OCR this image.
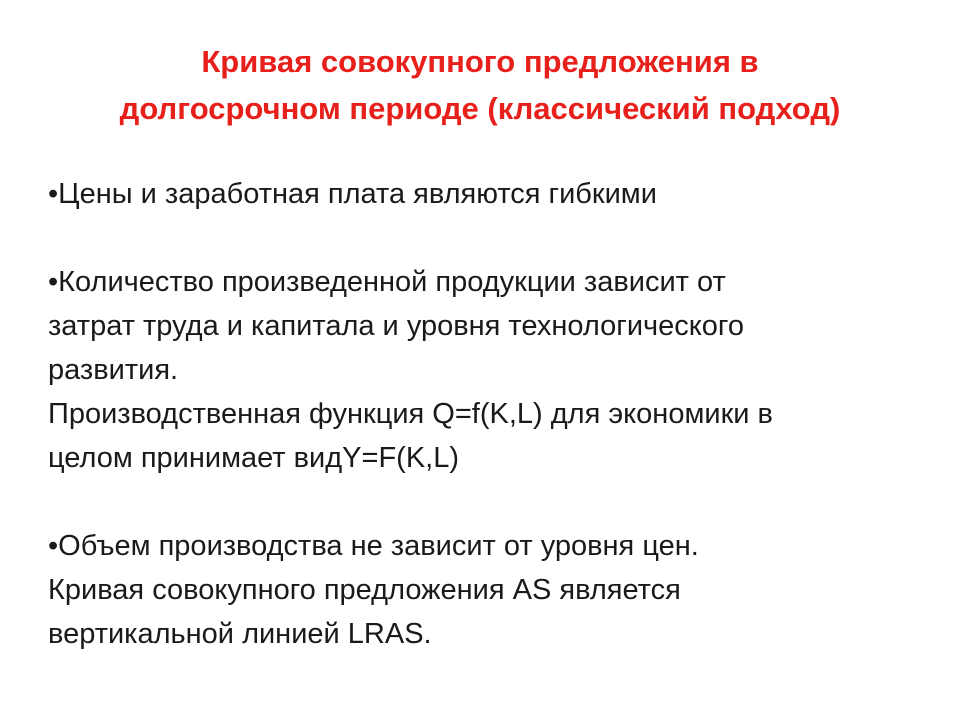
Кривая совокупного предложения в
долгосрочном периоде (классический подход)

•Цены и заработная плата являются гибкими

•Количество произведенной продукции зависит от
затрат труда и капитала и уровня технологического
развития.
Производственная функция Q=f(K,L) для экономики в
целом принимает видY=F(K,L)

•Объем производства не зависит от уровня цен.
Кривая совокупного предложения AS является
вертикальной линией LRAS.
